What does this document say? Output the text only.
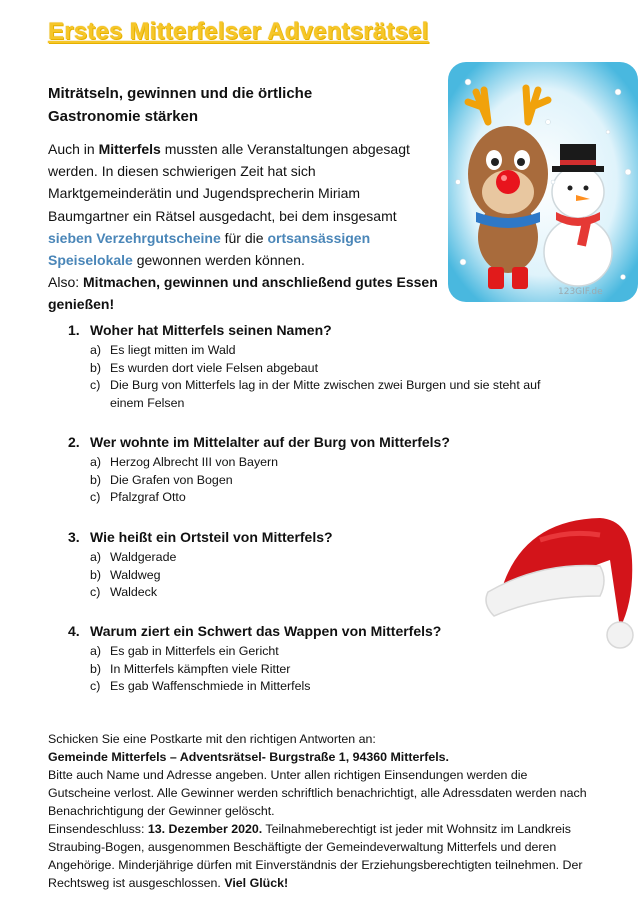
Erstes Mitterfelser Adventsrätsel
Miträtseln, gewinnen und die örtliche
Gastronomie stärken
Auch in Mitterfels mussten alle Veranstaltungen abgesagt werden. In diesen schwierigen Zeit hat sich Marktgemeinderätin und Jugendsprecherin Miriam Baumgartner ein Rätsel ausgedacht, bei dem insgesamt sieben Verzehrgutscheine für die ortsansässigen Speiselokale gewonnen werden können.
Also: Mitmachen, gewinnen und anschließend gutes Essen genießen!
123GIF.de
1. Woher hat Mitterfels seinen Namen?
a) Es liegt mitten im Wald
b) Es wurden dort viele Felsen abgebaut
c) Die Burg von Mitterfels lag in der Mitte zwischen zwei Burgen und sie steht auf einem Felsen
2. Wer wohnte im Mittelalter auf der Burg von Mitterfels?
a) Herzog Albrecht III von Bayern
b) Die Grafen von Bogen
c) Pfalzgraf Otto
3. Wie heißt ein Ortsteil von Mitterfels?
a) Waldgerade
b) Waldweg
c) Waldeck
4. Warum ziert ein Schwert das Wappen von Mitterfels?
a) Es gab in Mitterfels ein Gericht
b) In Mitterfels kämpften viele Ritter
c) Es gab Waffenschmiede in Mitterfels
Schicken Sie eine Postkarte mit den richtigen Antworten an:
Gemeinde Mitterfels – Adventsrätsel- Burgstraße 1, 94360 Mitterfels.
Bitte auch Name und Adresse angeben. Unter allen richtigen Einsendungen werden die Gutscheine verlost. Alle Gewinner werden schriftlich benachrichtigt, alle Adressdaten werden nach Benachrichtigung der Gewinner gelöscht.
Einsendeschluss: 13. Dezember 2020. Teilnahmeberechtigt ist jeder mit Wohnsitz im Landkreis Straubing-Bogen, ausgenommen Beschäftigte der Gemeindeverwaltung Mitterfels und deren Angehörige. Minderjährige dürfen mit Einverständnis der Erziehungsberechtigten teilnehmen. Der Rechtsweg ist ausgeschlossen. Viel Glück!
